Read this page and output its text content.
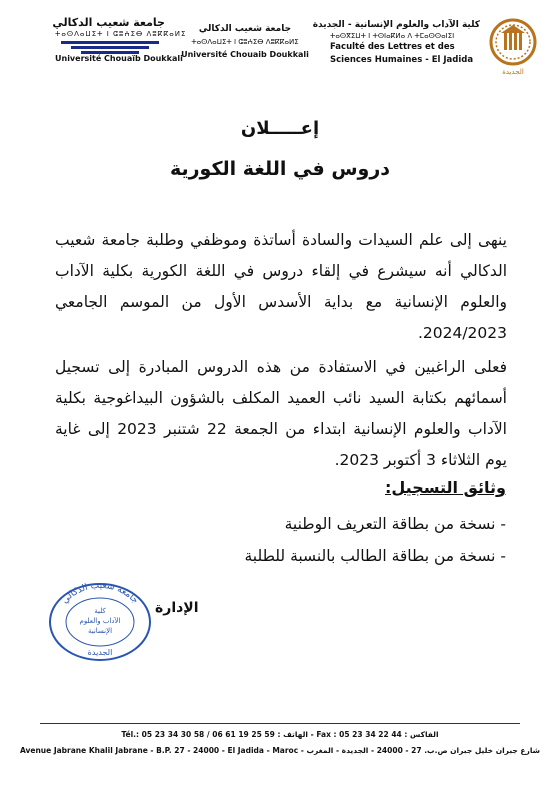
جامعة شعيب الدكالي
ⵜⴰⵙⴷⴰⵡⵉⵜ ⵏ ⵛⵓⵄⵉⴱ ⴷⵓⴽⴽⴰⵍⵉ
Université Chouaïb Doukkali
جامعة شعيب الدكالي
ⵜⴰⵙⴷⴰⵡⵉⵜ ⵏ ⵛⵓⵄⵉⴱ ⴷⵓⴽⴽⴰⵍⵉ
Université Chouaib Doukkali
كلية الآداب والعلوم الإنسانية - الجديدة
ⵜⴰⵙⴳⵉⵡⵜ ⵏ ⵜⵙⵏⴰⴽⵍⴰ ⴷ ⵜⵎⴰⵙⵙⴰⵏⵉⵏ
Faculté des Lettres et des
Sciences Humaines - El Jadida
الجديدة
إعـــــلان
دروس في اللغة الكورية
ينهى إلى علم السيدات والسادة أساتذة وموظفي وطلبة جامعة شعيب الدكالي أنه سيشرع في إلقاء دروس في اللغة الكورية بكلية الآداب والعلوم الإنسانية مع بداية الأسدس الأول من الموسم الجامعي 2024/2023.
فعلى الراغبين في الاستفادة من هذه الدروس المبادرة إلى تسجيل أسمائهم بكتابة السيد نائب العميد المكلف بالشؤون البيداغوجية بكلية الآداب والعلوم الإنسانية ابتداء من الجمعة 22 شتنبر 2023 إلى غاية يوم الثلاثاء 3 أكتوبر 2023.
وثائق التسجيل:
- نسخة من بطاقة التعريف الوطنية
- نسخة من بطاقة الطالب بالنسبة للطلبة
جامعة شعيب الدكالي
كلية
الآداب والعلوم
الإنسانية
الجديدة
الإدارة
Tél.: 05 23 34 30 58 / 06 61 19 25 59 : الهاتف - Fax : 05 23 34 22 44 : الفاكس
Avenue Jabrane Khalil Jabrane - B.P. 27 - 24000 - El Jadida - Maroc - شارع جبران خليل جبران ص.ب. 27 - 24000 - الجديدة - المغرب
